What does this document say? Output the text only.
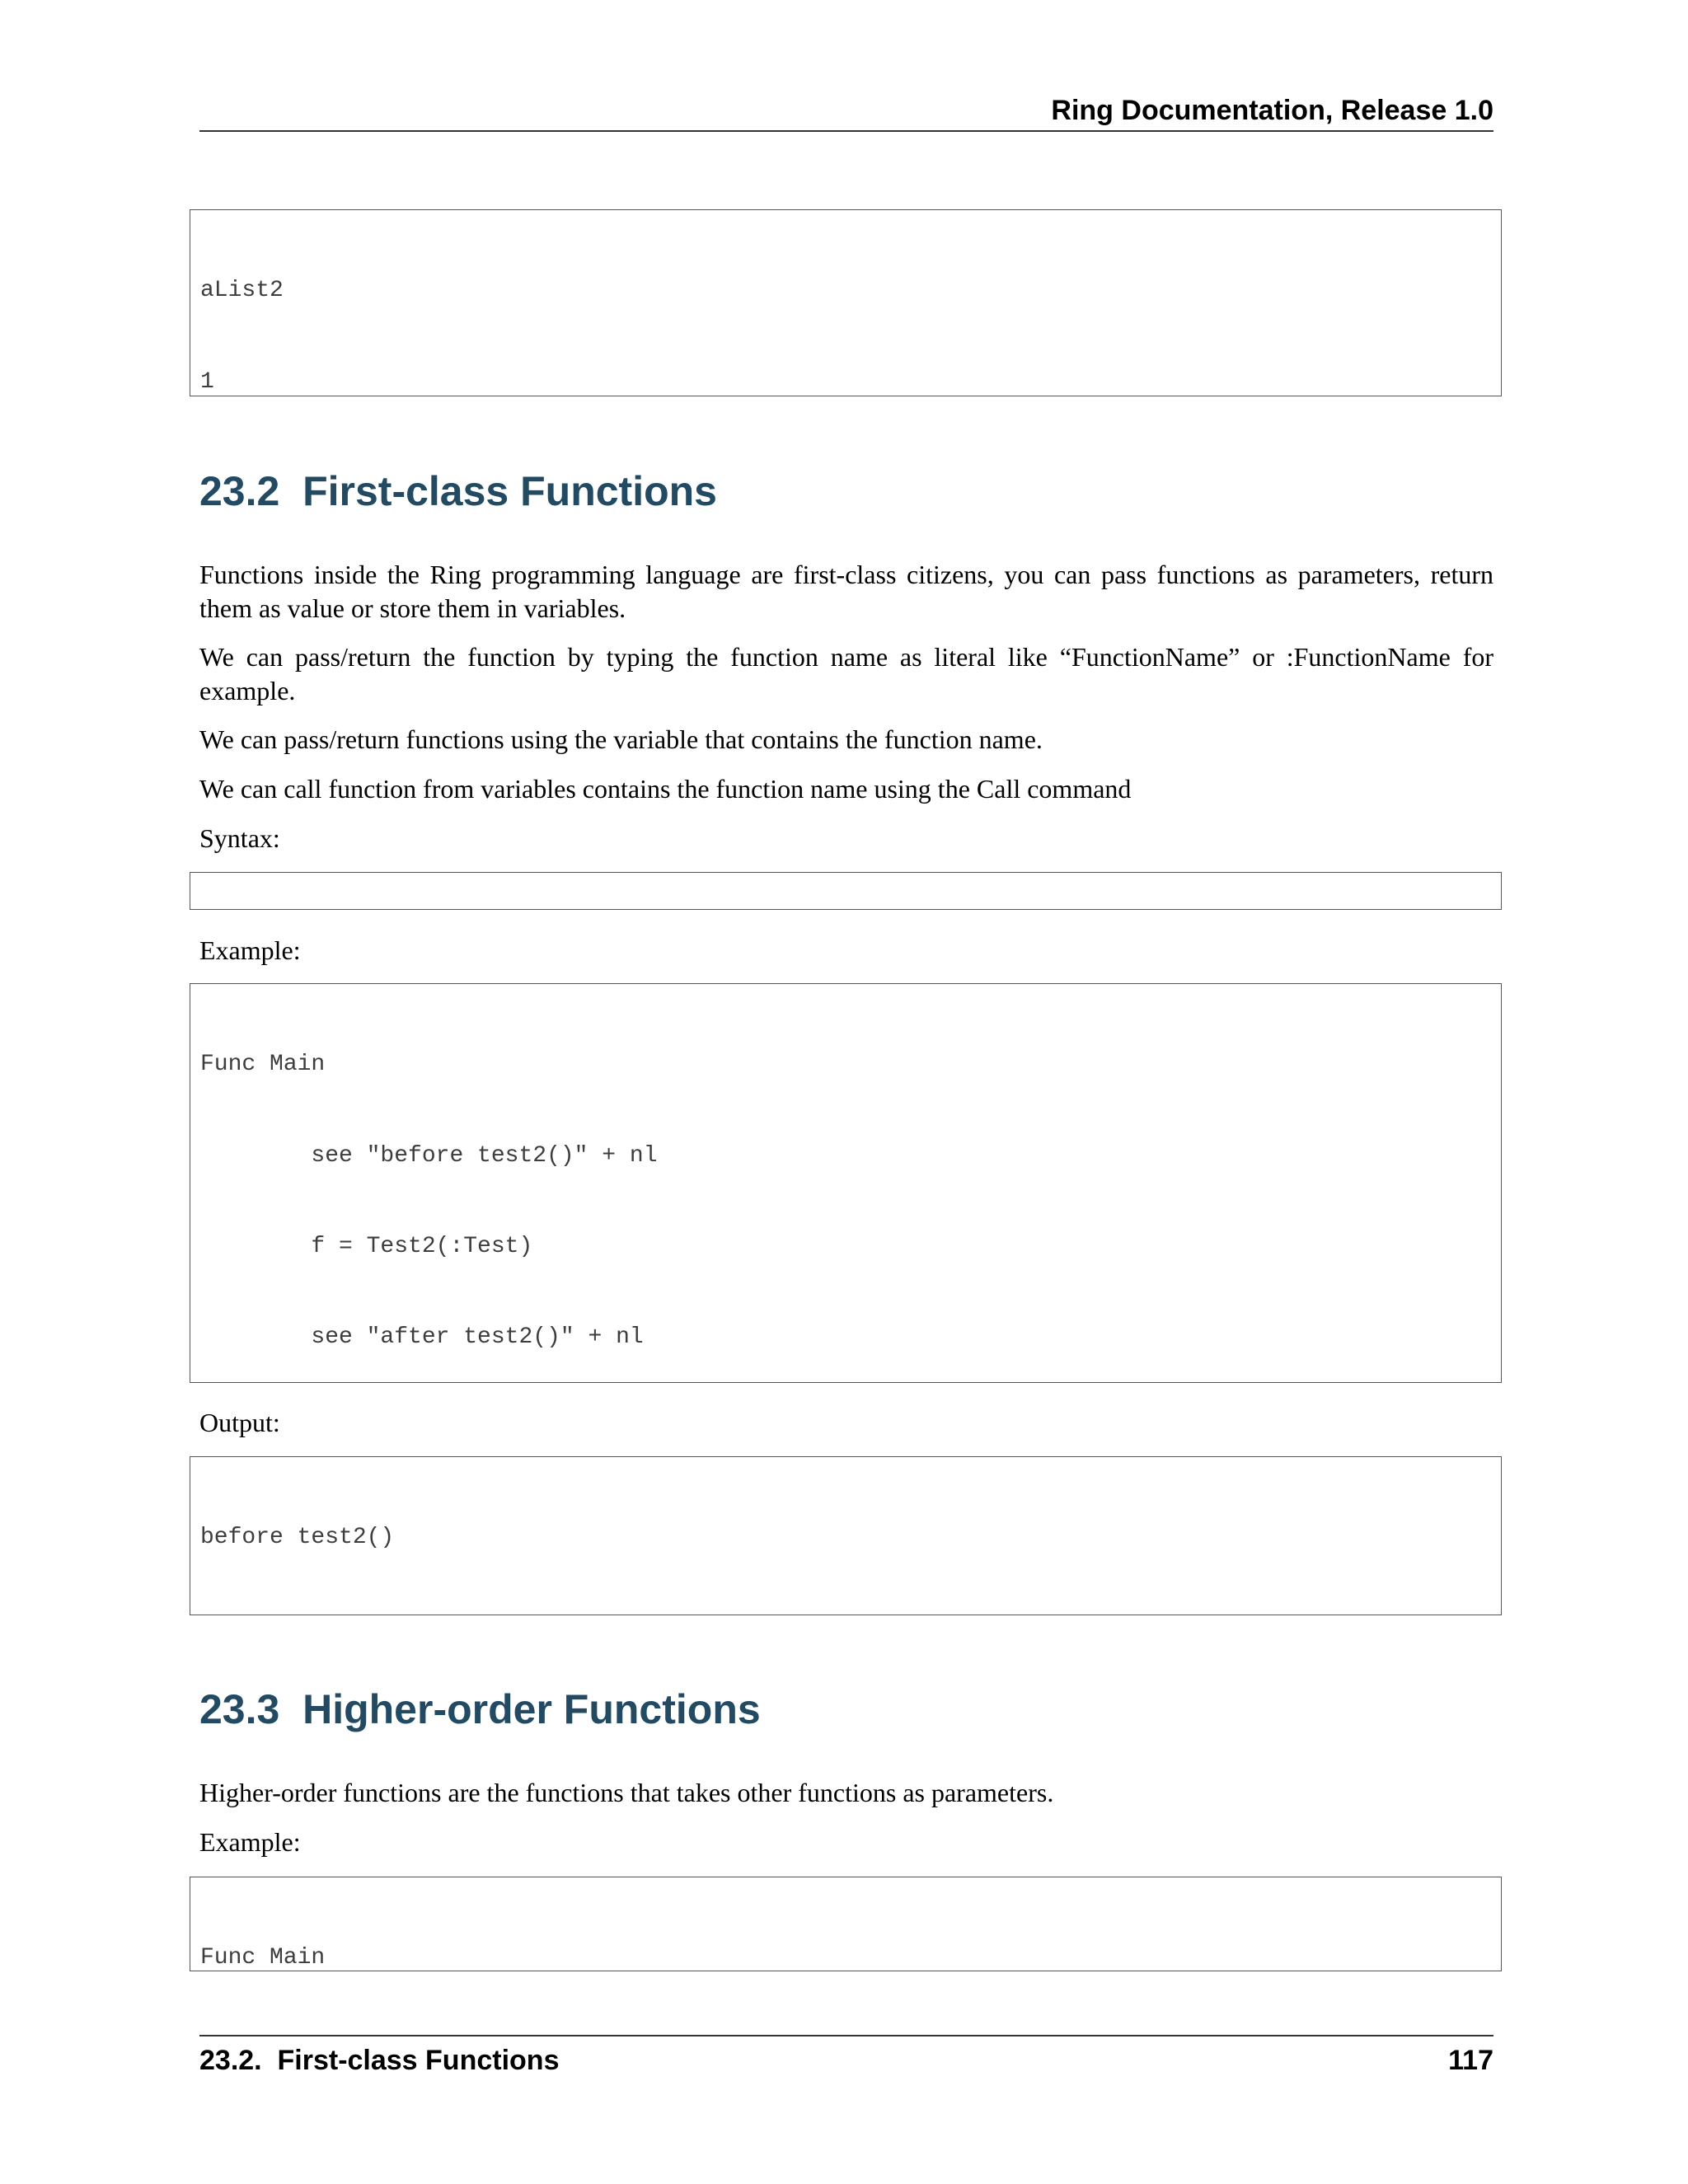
Ring Documentation, Release 1.0

aList2

1

23.2  First-class Functions
Functions inside the Ring programming language are first-class citizens, you can pass functions as parameters, return them as value or store them in variables.
We can pass/return the function by typing the function name as literal like “FunctionName” or :FunctionName for example.
We can pass/return functions using the variable that contains the function name.
We can call function from variables contains the function name using the Call command
Syntax:

Example:

Func Main

see "before test2()" + nl

f = Test2(:Test)

see "after test2()" + nl

Output:

before test2()

23.3  Higher-order Functions
Higher-order functions are the functions that takes other functions as parameters.
Example:

Func Main

23.2.  First-class Functions	117
